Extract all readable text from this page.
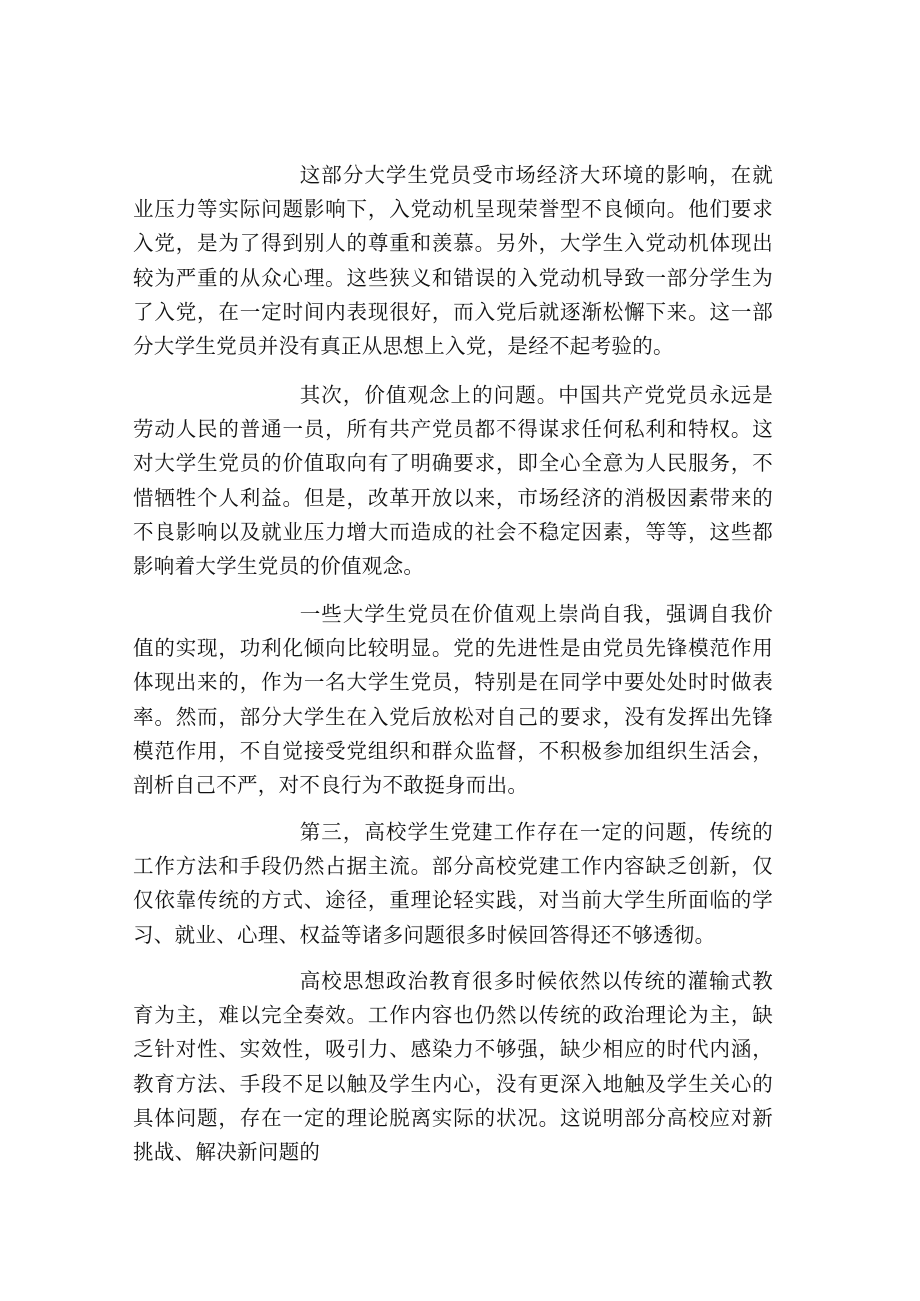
这部分大学生党员受市场经济大环境的影响，在就业压力等实际问题影响下，入党动机呈现荣誉型不良倾向。他们要求入党，是为了得到别人的尊重和羡慕。另外，大学生入党动机体现出较为严重的从众心理。这些狭义和错误的入党动机导致一部分学生为了入党，在一定时间内表现很好，而入党后就逐渐松懈下来。这一部分大学生党员并没有真正从思想上入党，是经不起考验的。

其次，价值观念上的问题。中国共产党党员永远是劳动人民的普通一员，所有共产党员都不得谋求任何私利和特权。这对大学生党员的价值取向有了明确要求，即全心全意为人民服务，不惜牺牲个人利益。但是，改革开放以来，市场经济的消极因素带来的不良影响以及就业压力增大而造成的社会不稳定因素，等等，这些都影响着大学生党员的价值观念。

一些大学生党员在价值观上崇尚自我，强调自我价值的实现，功利化倾向比较明显。党的先进性是由党员先锋模范作用体现出来的，作为一名大学生党员，特别是在同学中要处处时时做表率。然而，部分大学生在入党后放松对自己的要求，没有发挥出先锋模范作用，不自觉接受党组织和群众监督，不积极参加组织生活会，剖析自己不严，对不良行为不敢挺身而出。

第三，高校学生党建工作存在一定的问题，传统的工作方法和手段仍然占据主流。部分高校党建工作内容缺乏创新，仅仅依靠传统的方式、途径，重理论轻实践，对当前大学生所面临的学习、就业、心理、权益等诸多问题很多时候回答得还不够透彻。

高校思想政治教育很多时候依然以传统的灌输式教育为主，难以完全奏效。工作内容也仍然以传统的政治理论为主，缺乏针对性、实效性，吸引力、感染力不够强，缺少相应的时代内涵，教育方法、手段不足以触及学生内心，没有更深入地触及学生关心的具体问题，存在一定的理论脱离实际的状况。这说明部分高校应对新挑战、解决新问题的
